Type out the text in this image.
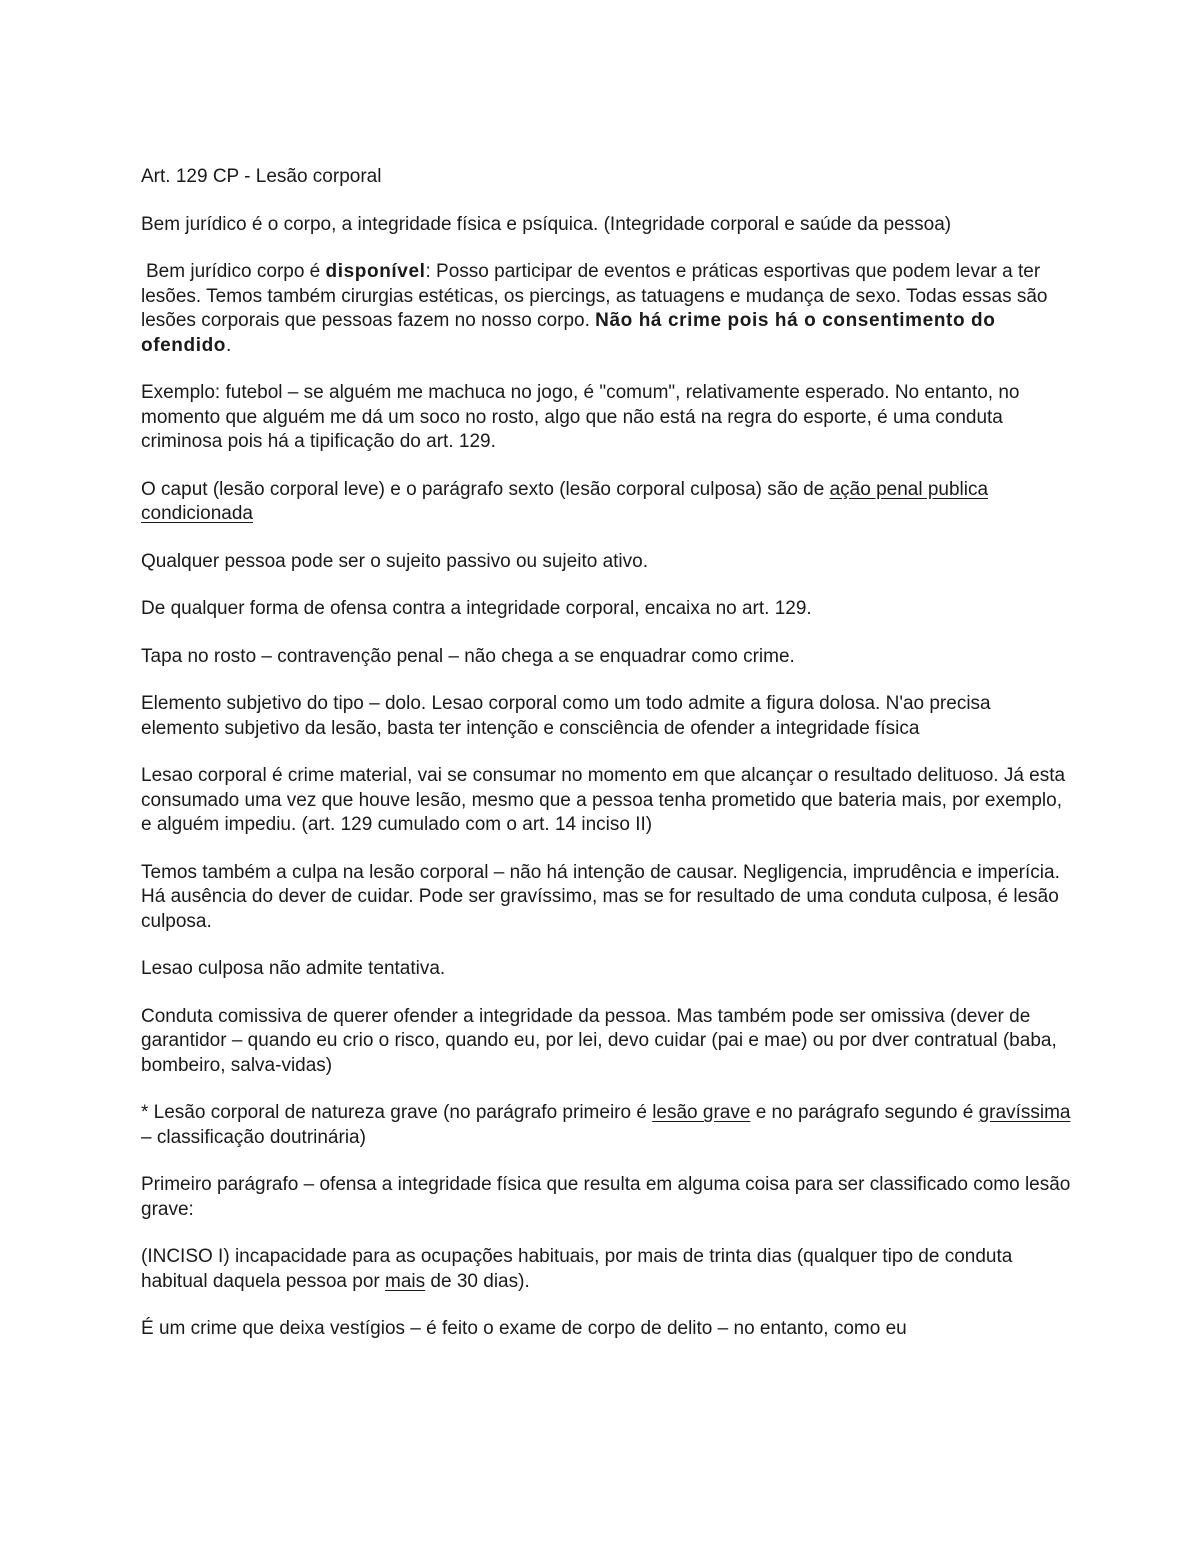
Art. 129 CP - Lesão corporal

Bem jurídico é o corpo, a integridade física e psíquica. (Integridade corporal e saúde da pessoa)

Bem jurídico corpo é disponível: Posso participar de eventos e práticas esportivas que podem levar a ter lesões. Temos também cirurgias estéticas, os piercings, as tatuagens e mudança de sexo. Todas essas são lesões corporais que pessoas fazem no nosso corpo. Não há crime pois há o consentimento do ofendido.

Exemplo: futebol – se alguém me machuca no jogo, é "comum", relativamente esperado. No entanto, no momento que alguém me dá um soco no rosto, algo que não está na regra do esporte, é uma conduta criminosa pois há a tipificação do art. 129.

O caput (lesão corporal leve) e o parágrafo sexto (lesão corporal culposa) são de ação penal publica condicionada

Qualquer pessoa pode ser o sujeito passivo ou sujeito ativo.

De qualquer forma de ofensa contra a integridade corporal, encaixa no art. 129.

Tapa no rosto – contravenção penal – não chega a se enquadrar como crime.

Elemento subjetivo do tipo – dolo. Lesao corporal como um todo admite a figura dolosa. N'ao precisa elemento subjetivo da lesão, basta ter intenção e consciência de ofender a integridade física

Lesao corporal é crime material, vai se consumar no momento em que alcançar o resultado delituoso. Já esta consumado uma vez que houve lesão, mesmo que a pessoa tenha prometido que bateria mais, por exemplo, e alguém impediu. (art. 129 cumulado com o art. 14 inciso II)

Temos também a culpa na lesão corporal – não há intenção de causar. Negligencia, imprudência e imperícia. Há ausência do dever de cuidar. Pode ser gravíssimo, mas se for resultado de uma conduta culposa, é lesão culposa.

Lesao culposa não admite tentativa.

Conduta comissiva de querer ofender a integridade da pessoa. Mas também pode ser omissiva (dever de garantidor – quando eu crio o risco, quando eu, por lei, devo cuidar (pai e mae) ou por dver contratual (baba, bombeiro, salva-vidas)

* Lesão corporal de natureza grave (no parágrafo primeiro é lesão grave e no parágrafo segundo é gravíssima – classificação doutrinária)

Primeiro parágrafo – ofensa a integridade física que resulta em alguma coisa para ser classificado como lesão grave:

(INCISO I) incapacidade para as ocupações habituais, por mais de trinta dias (qualquer tipo de conduta habitual daquela pessoa por mais de 30 dias).

É um crime que deixa vestígios – é feito o exame de corpo de delito – no entanto, como eu
